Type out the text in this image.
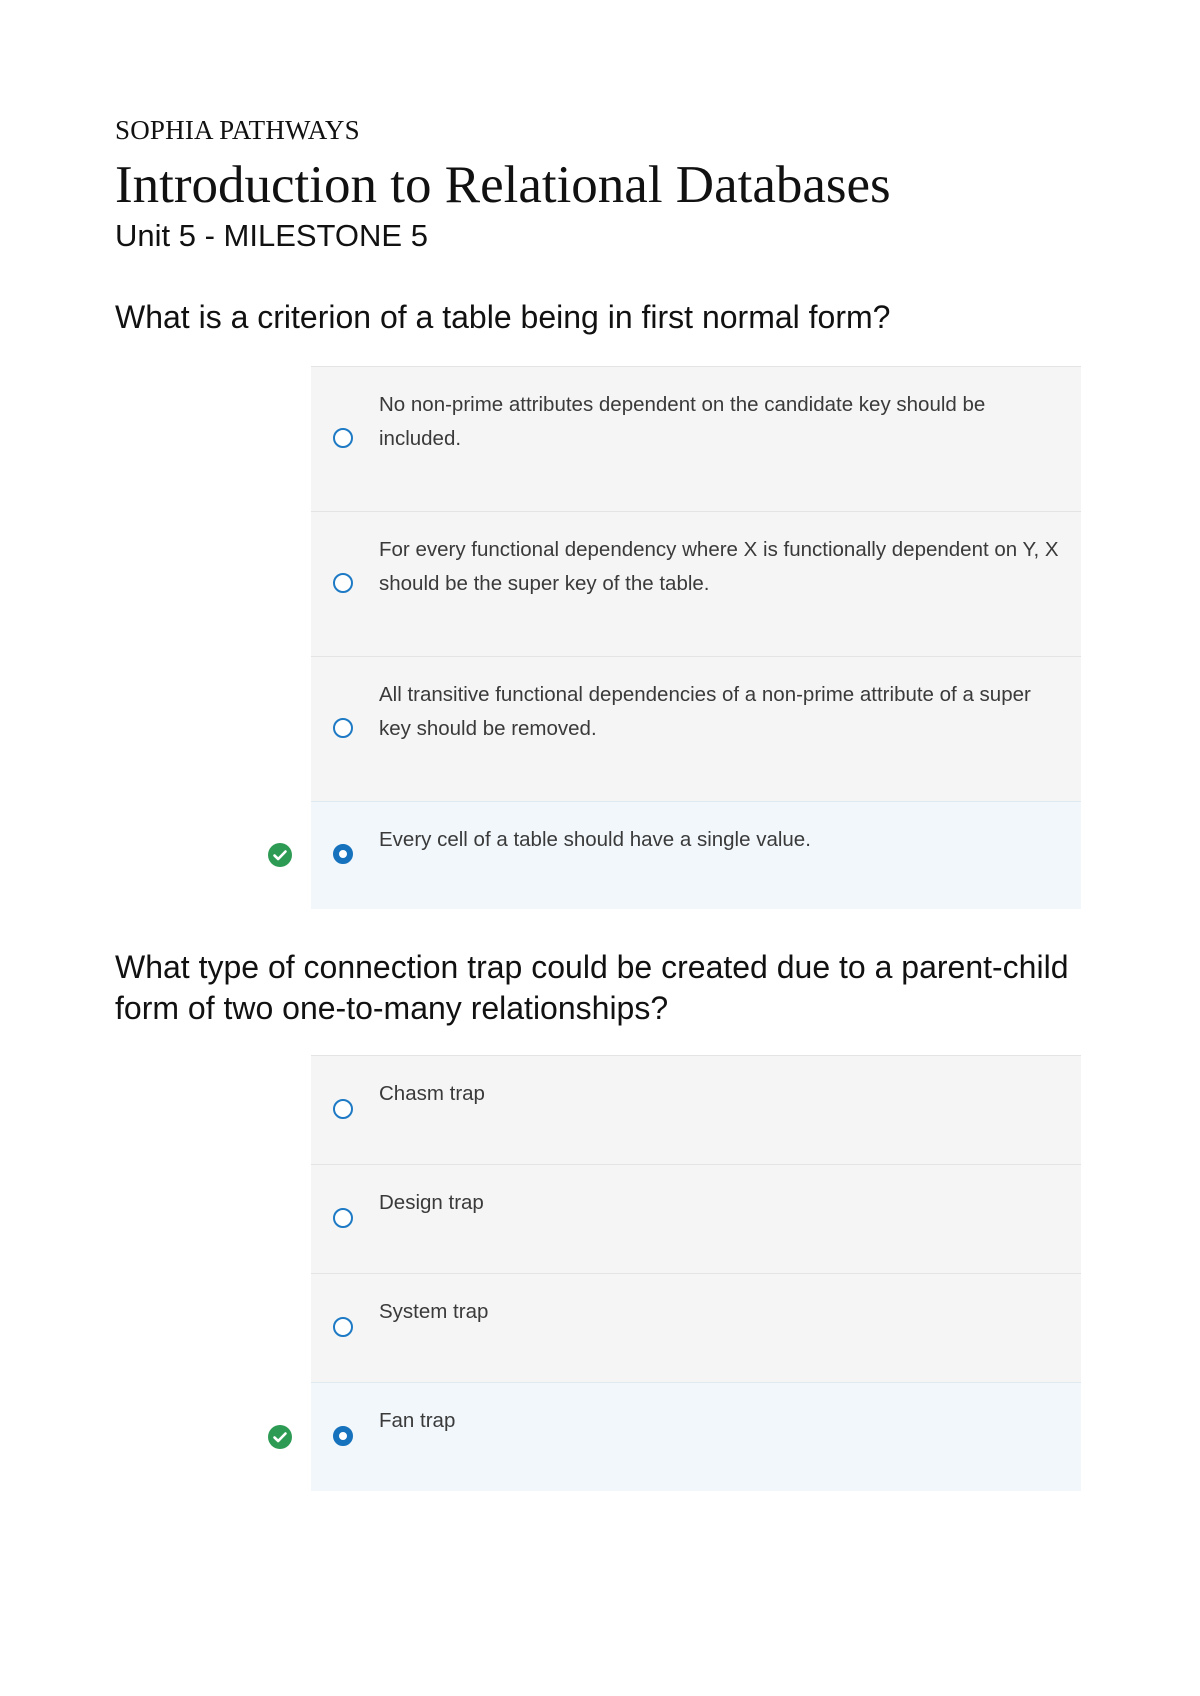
SOPHIA PATHWAYS
Introduction to Relational Databases
Unit 5 - MILESTONE 5
What is a criterion of a table being in first normal form?
No non-prime attributes dependent on the candidate key should be included.
For every functional dependency where X is functionally dependent on Y, X should be the super key of the table.
All transitive functional dependencies of a non-prime attribute of a super key should be removed.
Every cell of a table should have a single value.
What type of connection trap could be created due to a parent-child form of two one-to-many relationships?
Chasm trap
Design trap
System trap
Fan trap
